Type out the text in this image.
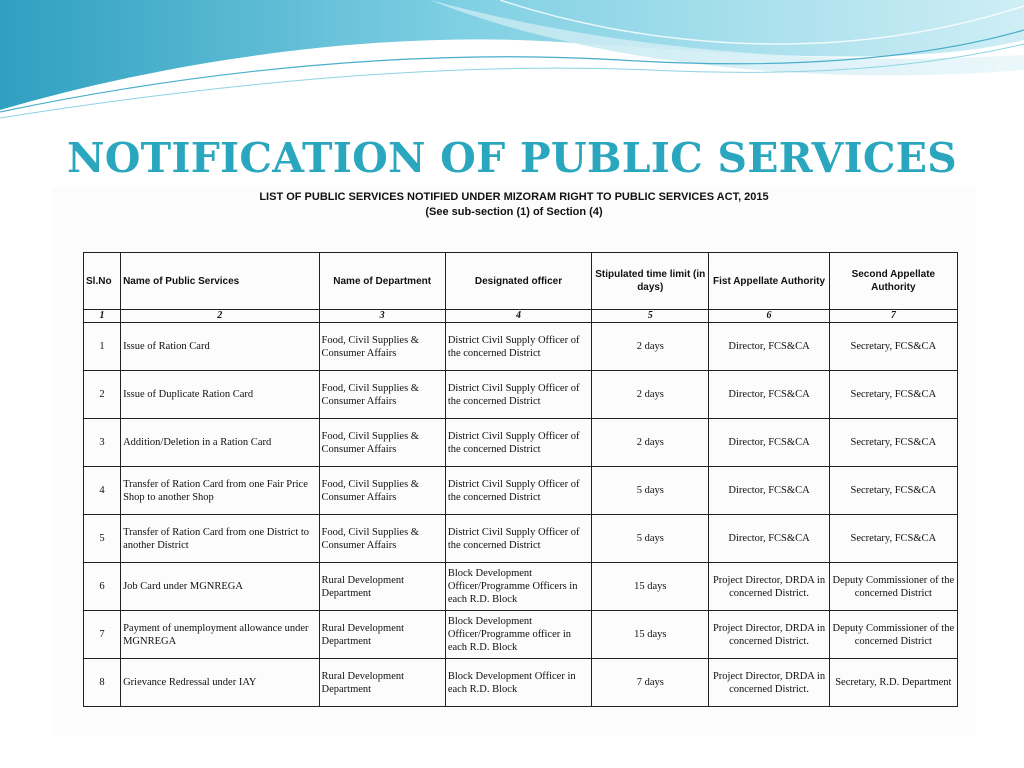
NOTIFICATION OF PUBLIC SERVICES
LIST OF PUBLIC SERVICES NOTIFIED UNDER MIZORAM RIGHT TO PUBLIC SERVICES ACT, 2015
(See sub-section (1) of Section (4)
Sl.No	Name of Public Services	Name of Department	Designated officer	Stipulated time limit (in days)	Fist Appellate Authority	Second Appellate Authority
1	2	3	4	5	6	7
1	Issue of Ration Card	Food, Civil Supplies & Consumer Affairs	District Civil Supply Officer of the concerned District	2 days	Director, FCS&CA	Secretary, FCS&CA
2	Issue of Duplicate Ration Card	Food, Civil Supplies & Consumer Affairs	District Civil Supply Officer of the concerned District	2 days	Director, FCS&CA	Secretary, FCS&CA
3	Addition/Deletion in a Ration Card	Food, Civil Supplies & Consumer Affairs	District Civil Supply Officer of the concerned District	2 days	Director, FCS&CA	Secretary, FCS&CA
4	Transfer of Ration Card from one Fair Price Shop to another Shop	Food, Civil Supplies & Consumer Affairs	District Civil Supply Officer of the concerned District	5 days	Director, FCS&CA	Secretary, FCS&CA
5	Transfer of Ration Card from one District to another District	Food, Civil Supplies & Consumer Affairs	District Civil Supply Officer of the concerned District	5 days	Director, FCS&CA	Secretary, FCS&CA
6	Job Card under MGNREGA	Rural Development Department	Block Development Officer/Programme Officers in each R.D. Block	15 days	Project Director, DRDA in concerned District.	Deputy Commissioner of the concerned District
7	Payment of unemployment allowance under MGNREGA	Rural Development Department	Block Development Officer/Programme officer in each R.D. Block	15 days	Project Director, DRDA in concerned District.	Deputy Commissioner of the concerned District
8	Grievance Redressal under IAY	Rural Development Department	Block Development Officer in each R.D. Block	7 days	Project Director, DRDA in concerned District.	Secretary, R.D. Department
